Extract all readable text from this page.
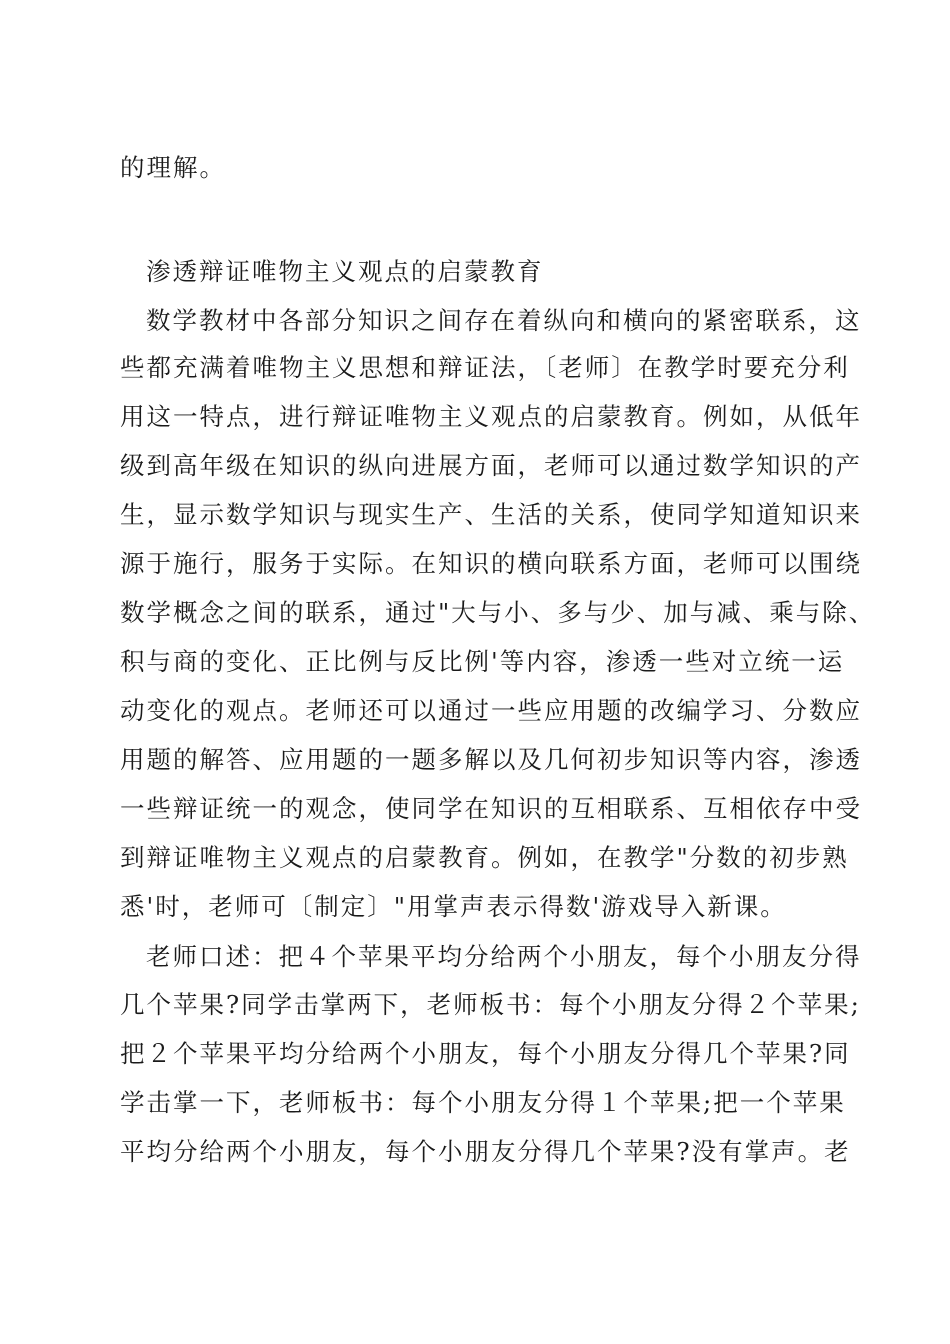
的理解。
渗透辩证唯物主义观点的启蒙教育
数学教材中各部分知识之间存在着纵向和横向的紧密联系，这
些都充满着唯物主义思想和辩证法，〔老师〕在教学时要充分利
用这一特点，进行辩证唯物主义观点的启蒙教育。例如，从低年
级到高年级在知识的纵向进展方面，老师可以通过数学知识的产
生，显示数学知识与现实生产、生活的关系，使同学知道知识来
源于施行，服务于实际。在知识的横向联系方面，老师可以围绕
数学概念之间的联系，通过"大与小、多与少、加与减、乘与除、
积与商的变化、正比例与反比例'等内容，渗透一些对立统一运
动变化的观点。老师还可以通过一些应用题的改编学习、分数应
用题的解答、应用题的一题多解以及几何初步知识等内容，渗透
一些辩证统一的观念，使同学在知识的互相联系、互相依存中受
到辩证唯物主义观点的启蒙教育。例如，在教学"分数的初步熟
悉'时，老师可〔制定〕"用掌声表示得数'游戏导入新课。
老师口述：把４个苹果平均分给两个小朋友，每个小朋友分得
几个苹果?同学击掌两下，老师板书：每个小朋友分得２个苹果;
把２个苹果平均分给两个小朋友，每个小朋友分得几个苹果?同
学击掌一下，老师板书：每个小朋友分得１个苹果;把一个苹果
平均分给两个小朋友，每个小朋友分得几个苹果?没有掌声。老
